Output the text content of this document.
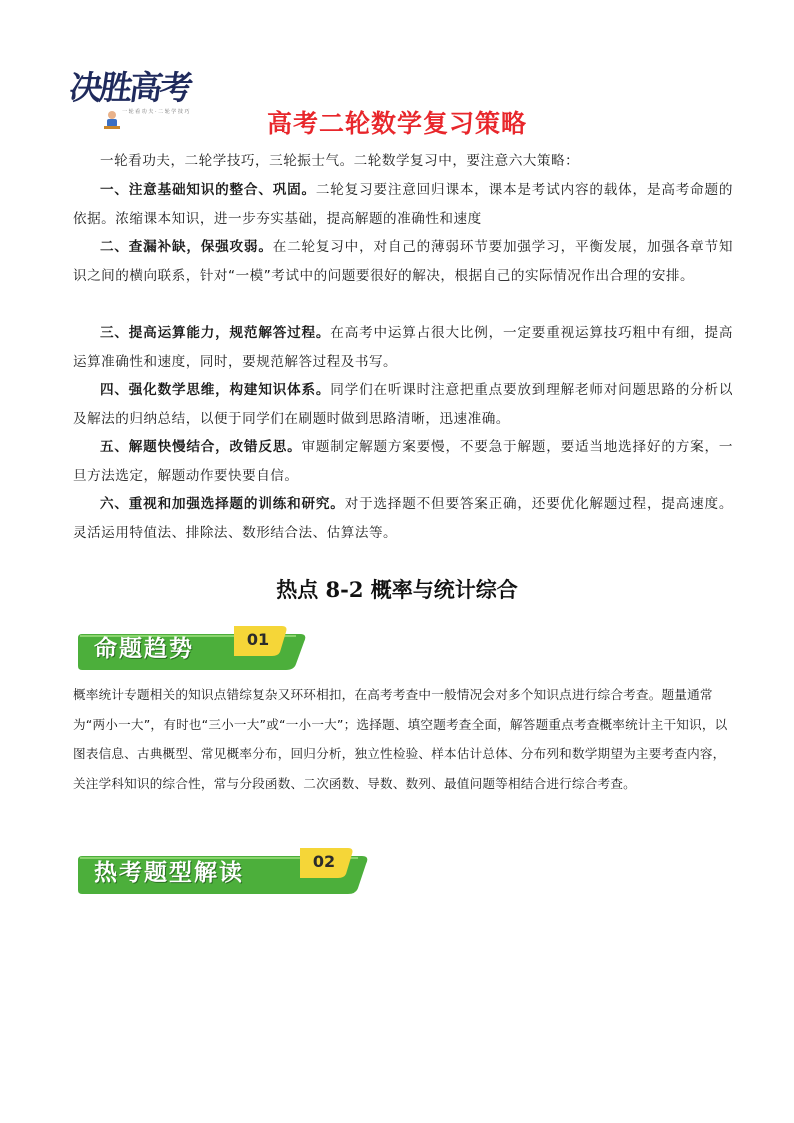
决胜高考
一 轮 看 功 夫 · 二 轮 学 技 巧	高考二轮数学复习策略

一轮看功夫，二轮学技巧，三轮振士气。二轮数学复习中，要注意六大策略：

一、注意基础知识的整合、巩固。二轮复习要注意回归课本，课本是考试内容的载体，是高考命题的依据。浓缩课本知识，进一步夯实基础，提高解题的准确性和速度

二、查漏补缺，保强攻弱。在二轮复习中，对自己的薄弱环节要加强学习，平衡发展，加强各章节知识之间的横向联系，针对“一模”考试中的问题要很好的解决，根据自己的实际情况作出合理的安排。

三、提高运算能力，规范解答过程。在高考中运算占很大比例，一定要重视运算技巧粗中有细，提高运算准确性和速度，同时，要规范解答过程及书写。

四、强化数学思维，构建知识体系。同学们在听课时注意把重点要放到理解老师对问题思路的分析以及解法的归纳总结，以便于同学们在刷题时做到思路清晰，迅速准确。

五、解题快慢结合，改错反思。审题制定解题方案要慢，不要急于解题，要适当地选择好的方案，一旦方法选定，解题动作要快要自信。

六、重视和加强选择题的训练和研究。对于选择题不但要答案正确，还要优化解题过程，提高速度。灵活运用特值法、排除法、数形结合法、估算法等。

热点 8-2 概率与统计综合
命题趋势	01

概率统计专题相关的知识点错综复杂又环环相扣，在高考考查中一般情况会对多个知识点进行综合考查。题量通常为“两小一大”，有时也“三小一大”或“一小一大”；选择题、填空题考查全面，解答题重点考查概率统计主干知识，以图表信息、古典概型、常见概率分布，回归分析，独立性检验、样本估计总体、分布列和数学期望为主要考查内容，关注学科知识的综合性，常与分段函数、二次函数、导数、数列、最值问题等相结合进行综合考查。

热考题型解读	02
